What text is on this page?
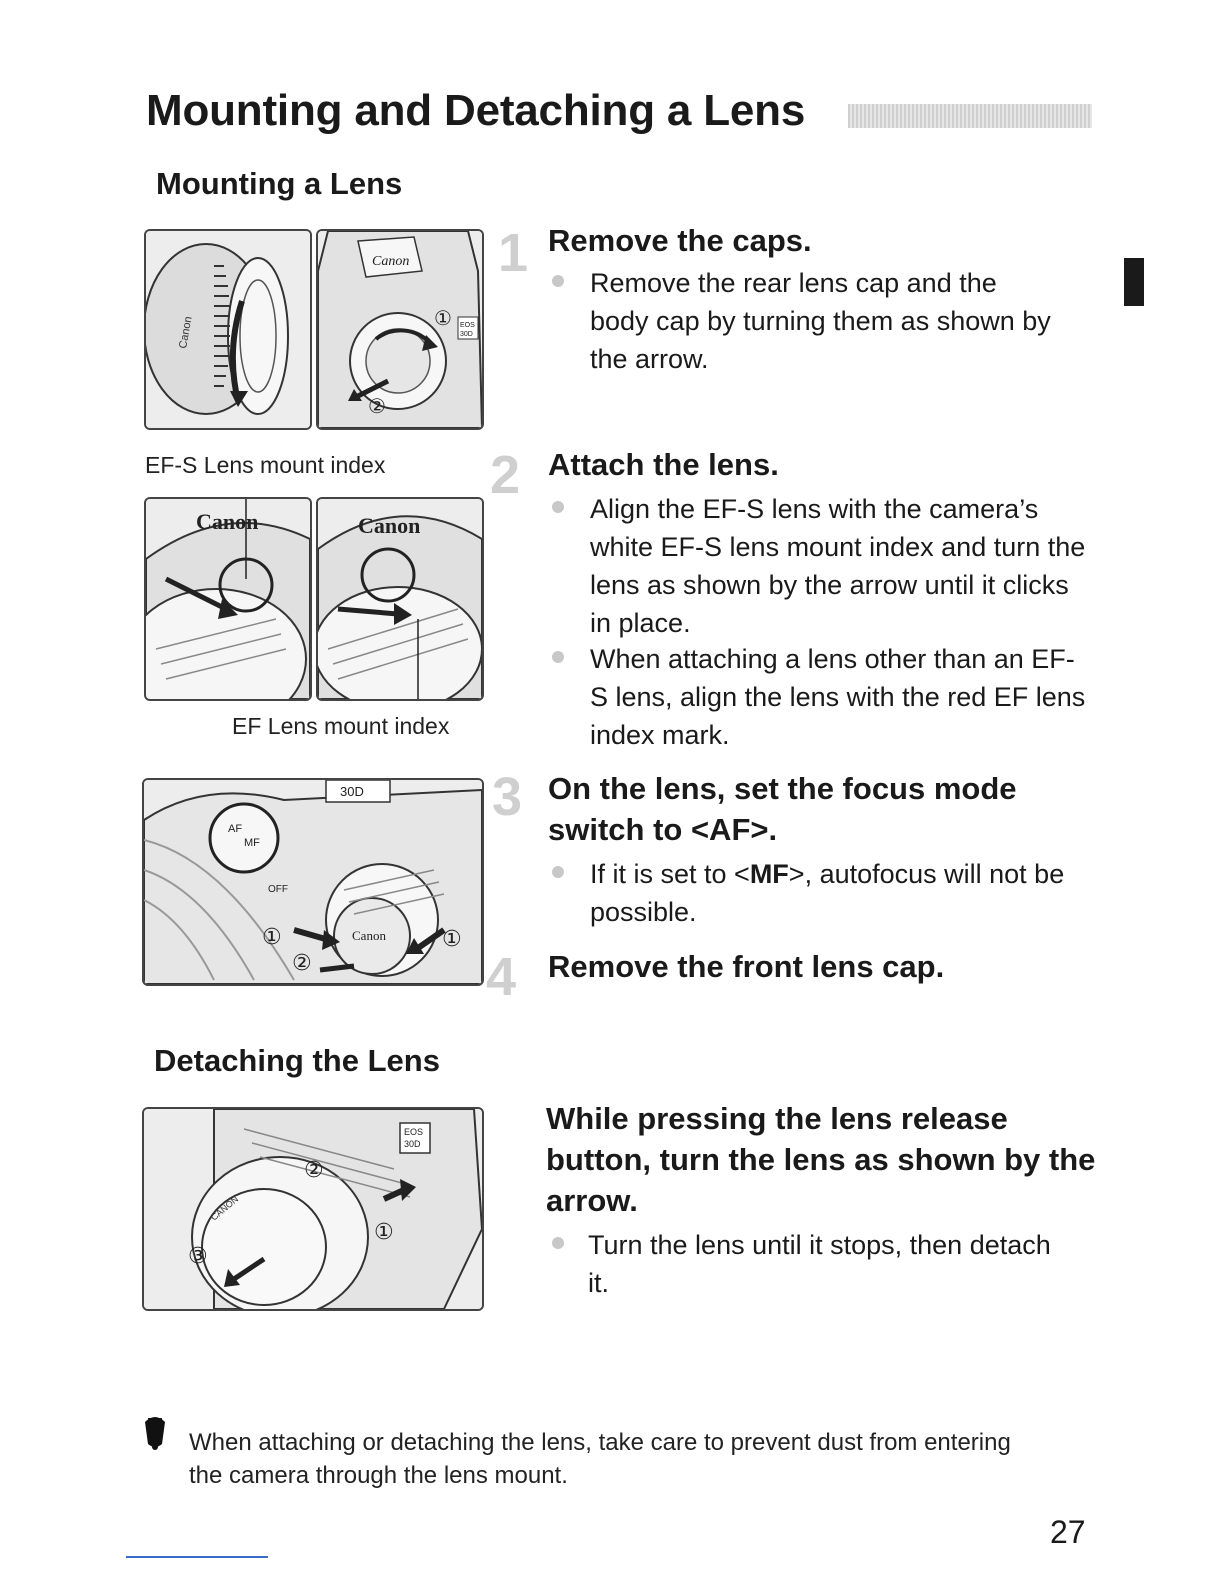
Mounting and Detaching a Lens
Mounting a Lens
Canon
Canon
①
②
EOS
30D
1 Remove the caps.
Remove the rear lens cap and the body cap by turning them as shown by the arrow.
EF-S Lens mount index
Canon	Canon
EF Lens mount index
2 Attach the lens.
Align the EF-S lens with the camera’s white EF-S lens mount index and turn the lens as shown by the arrow until it clicks in place.
When attaching a lens other than an EF-S lens, align the lens with the red EF lens index mark.
AF
MF
OFF
30D
Canon
①
②
①
3 On the lens, set the focus mode switch to <AF>.
If it is set to <MF>, autofocus will not be possible.
4 Remove the front lens cap.
Detaching the Lens
②
①
③
EOS
30D
CANON
While pressing the lens release button, turn the lens as shown by the arrow.
Turn the lens until it stops, then detach it.
When attaching or detaching the lens, take care to prevent dust from entering the camera through the lens mount.
27
